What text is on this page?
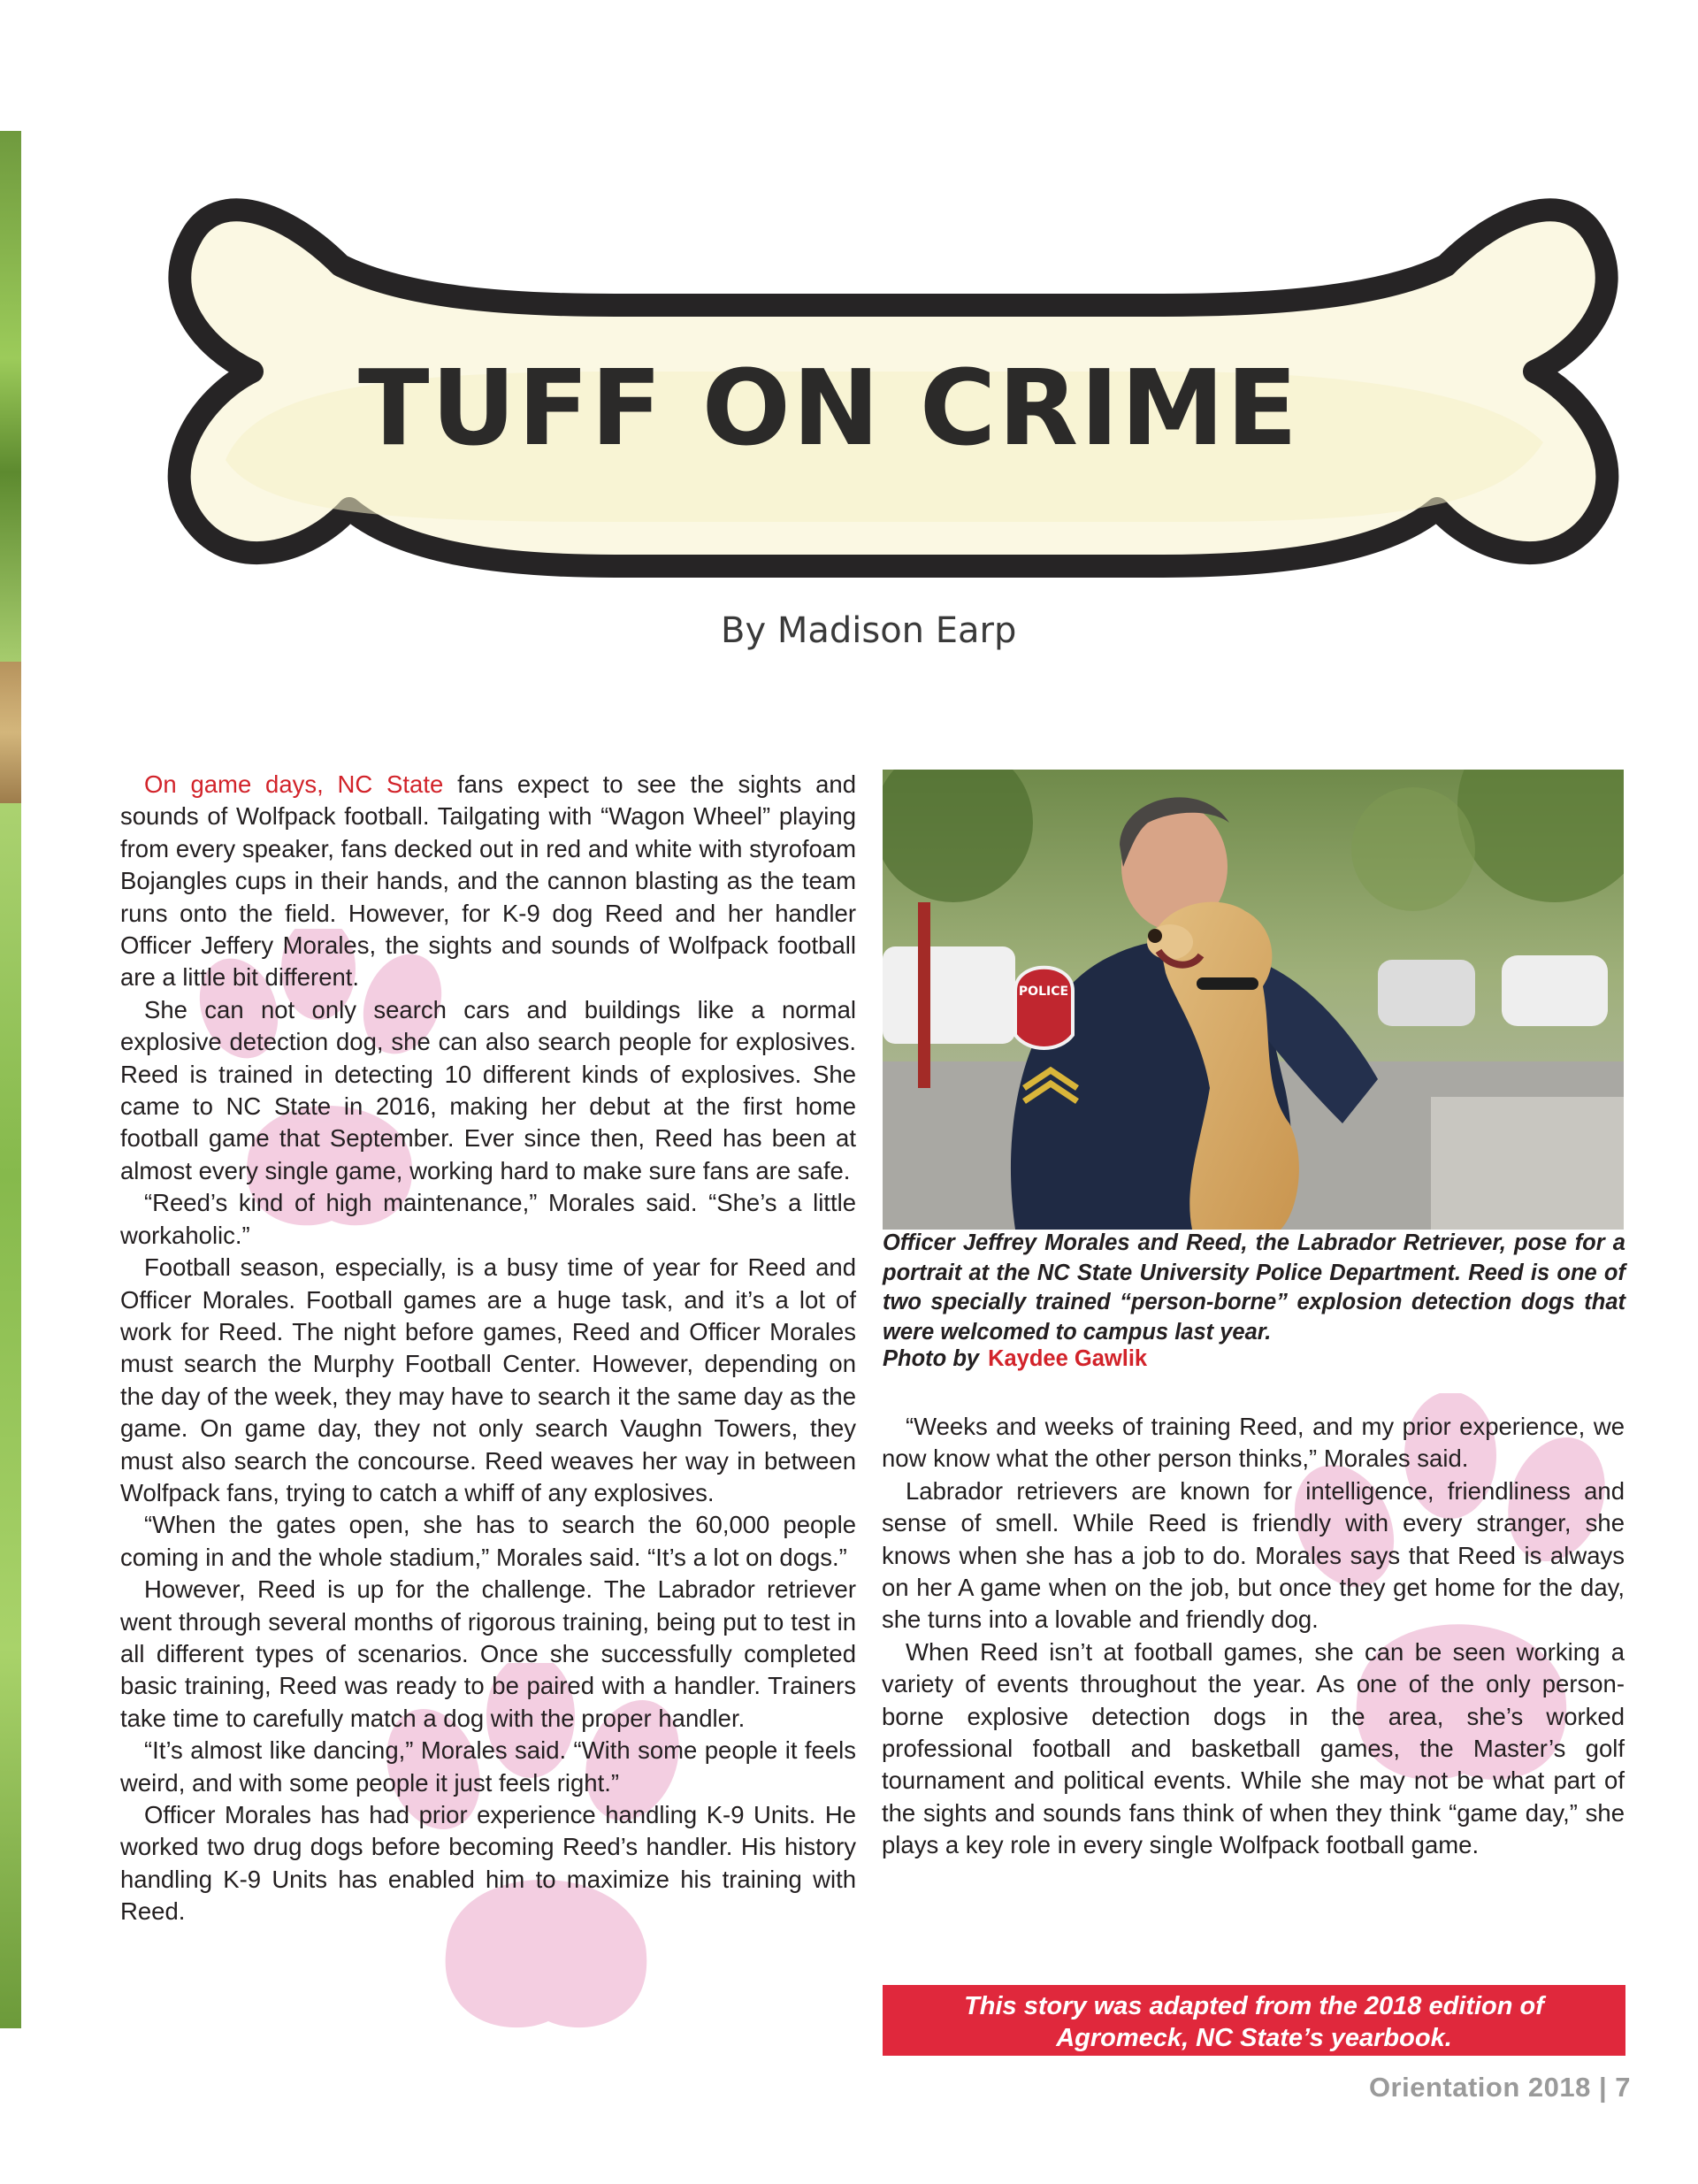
TUFF ON CRIME
By Madison Earp

On game days, NC State fans expect to see the sights and sounds of Wolfpack football. Tailgating with “Wagon Wheel” playing from every speaker, fans decked out in red and white with styrofoam Bojangles cups in their hands, and the cannon blasting as the team runs onto the field. However, for K-9 dog Reed and her handler Officer Jeffery Morales, the sights and sounds of Wolfpack football are a little bit different.

She can not only search cars and buildings like a normal explosive detection dog, she can also search people for explosives. Reed is trained in detecting 10 different kinds of explosives. She came to NC State in 2016, making her debut at the first home football game that September. Ever since then, Reed has been at almost every single game, working hard to make sure fans are safe.

“Reed’s kind of high maintenance,” Morales said. “She’s a little workaholic.”

Football season, especially, is a busy time of year for Reed and Officer Morales. Football games are a huge task, and it’s a lot of work for Reed. The night before games, Reed and Officer Morales must search the Murphy Football Center. However, depending on the day of the week, they may have to search it the same day as the game. On game day, they not only search Vaughn Towers, they must also search the concourse. Reed weaves her way in between Wolfpack fans, trying to catch a whiff of any explosives.

“When the gates open, she has to search the 60,000 people coming in and the whole stadium,” Morales said. “It’s a lot on dogs.”

However, Reed is up for the challenge. The Labrador retriever went through several months of rigorous training, being put to test in all different types of scenarios. Once she successfully completed basic training, Reed was ready to be paired with a handler. Trainers take time to carefully match a dog with the proper handler.

“It’s almost like dancing,” Morales said. “With some people it feels weird, and with some people it just feels right.”

Officer Morales has had prior experience handling K-9 Units. He worked two drug dogs before becoming Reed’s handler. His history handling K-9 Units has enabled him to maximize his training with Reed.

POLICE
Officer Jeffrey Morales and Reed, the Labrador Retriever, pose for a portrait at the NC State University Police Department. Reed is one of two specially trained “person-borne” explosion detection dogs that were welcomed to campus last year.
Photo by Kaydee Gawlik

“Weeks and weeks of training Reed, and my prior experience, we now know what the other person thinks,” Morales said.

Labrador retrievers are known for intelligence, friendliness and sense of smell. While Reed is friendly with every stranger, she knows when she has a job to do. Morales says that Reed is always on her A game when on the job, but once they get home for the day, she turns into a lovable and friendly dog.

When Reed isn’t at football games, she can be seen working a variety of events throughout the year. As one of the only person-borne explosive detection dogs in the area, she’s worked professional football and basketball games, the Master’s golf tournament and political events. While she may not be what part of the sights and sounds fans think of when they think “game day,” she plays a key role in every single Wolfpack football game.

This story was adapted from the 2018 edition of
Agromeck, NC State’s yearbook.
Orientation 2018 | 7
